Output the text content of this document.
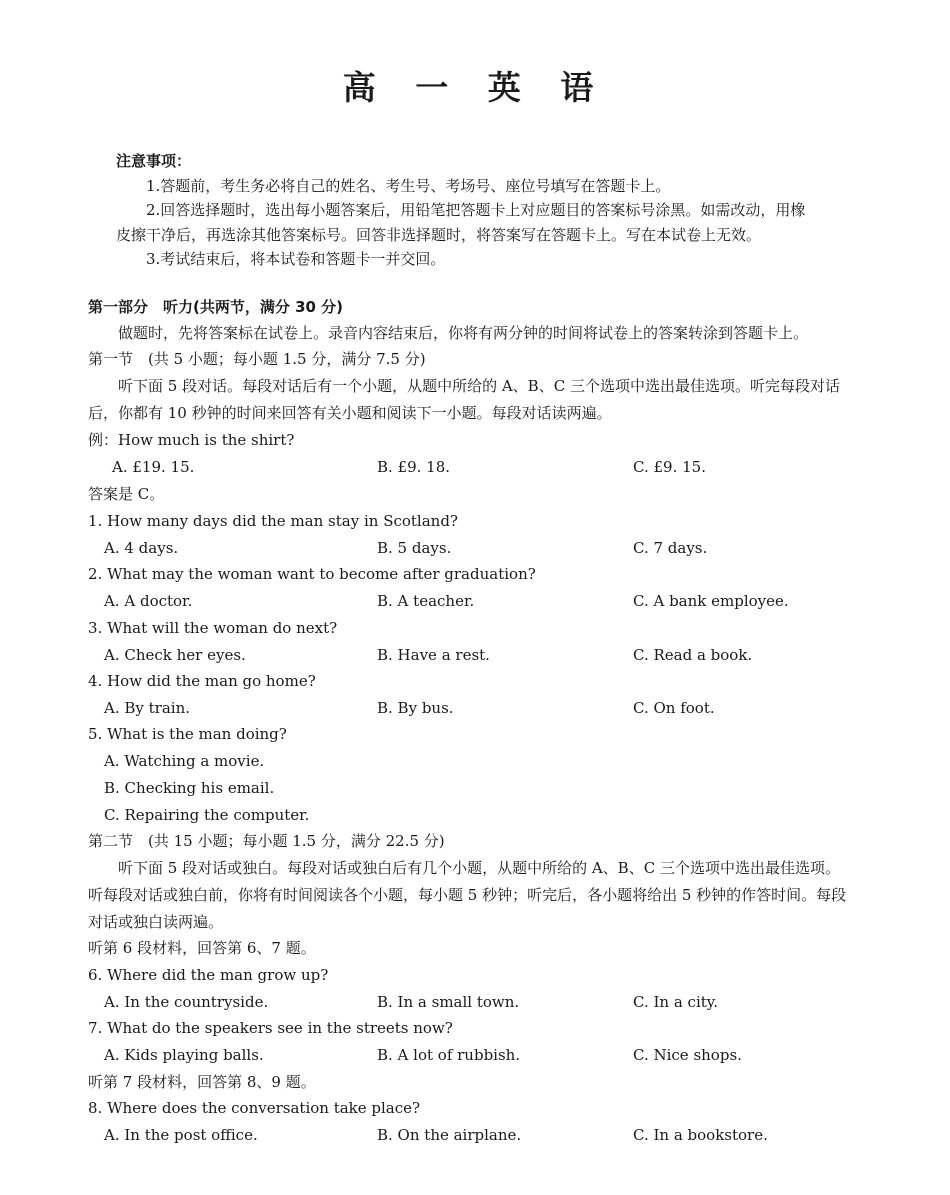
高 一 英 语
注意事项：
1.答题前，考生务必将自己的姓名、考生号、考场号、座位号填写在答题卡上。
2.回答选择题时，选出每小题答案后，用铅笔把答题卡上对应题目的答案标号涂黑。如需改动，用橡
皮擦干净后，再选涂其他答案标号。回答非选择题时，将答案写在答题卡上。写在本试卷上无效。
3.考试结束后，将本试卷和答题卡一并交回。
第一部分　听力(共两节，满分 30 分)
做题时，先将答案标在试卷上。录音内容结束后，你将有两分钟的时间将试卷上的答案转涂到答题卡上。
第一节　(共 5 小题；每小题 1.5 分，满分 7.5 分)
听下面 5 段对话。每段对话后有一个小题，从题中所给的 A、B、C 三个选项中选出最佳选项。听完每段对话
后，你都有 10 秒钟的时间来回答有关小题和阅读下一小题。每段对话读两遍。
例：How much is the shirt?
A. £19. 15.	B. £9. 18.	C. £9. 15.
答案是 C。
1. How many days did the man stay in Scotland?
A. 4 days.	B. 5 days.	C. 7 days.
2. What may the woman want to become after graduation?
A. A doctor.	B. A teacher.	C. A bank employee.
3. What will the woman do next?
A. Check her eyes.	B. Have a rest.	C. Read a book.
4. How did the man go home?
A. By train.	B. By bus.	C. On foot.
5. What is the man doing?
A. Watching a movie.
B. Checking his email.
C. Repairing the computer.
第二节　(共 15 小题；每小题 1.5 分，满分 22.5 分)
听下面 5 段对话或独白。每段对话或独白后有几个小题，从题中所给的 A、B、C 三个选项中选出最佳选项。
听每段对话或独白前，你将有时间阅读各个小题，每小题 5 秒钟；听完后，各小题将给出 5 秒钟的作答时间。每段
对话或独白读两遍。
听第 6 段材料，回答第 6、7 题。
6. Where did the man grow up?
A. In the countryside.	B. In a small town.	C. In a city.
7. What do the speakers see in the streets now?
A. Kids playing balls.	B. A lot of rubbish.	C. Nice shops.
听第 7 段材料，回答第 8、9 题。
8. Where does the conversation take place?
A. In the post office.	B. On the airplane.	C. In a bookstore.
